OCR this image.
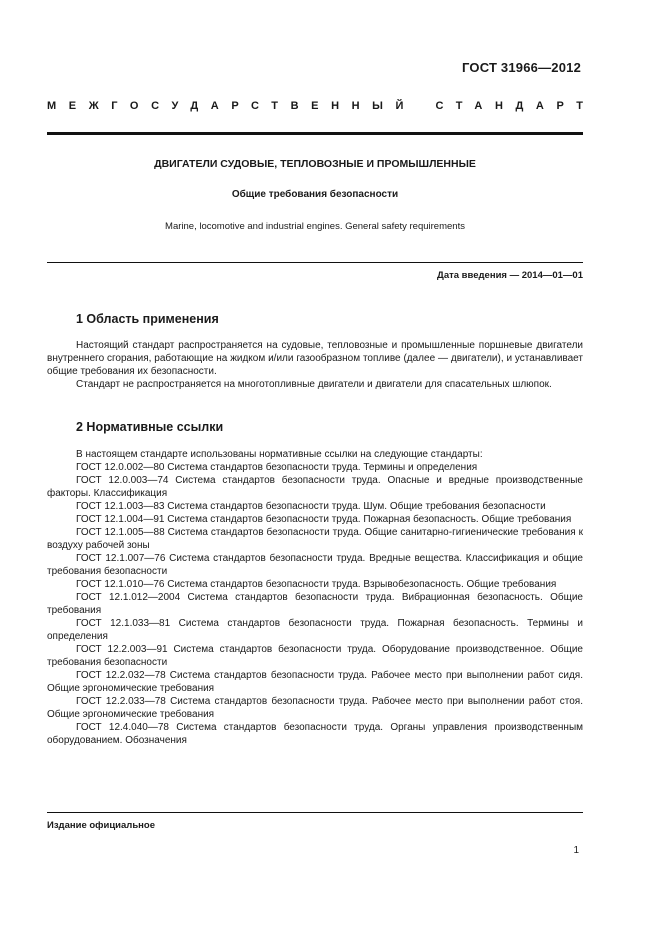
ГОСТ 31966—2012
МЕЖГОСУДАРСТВЕННЫЙ СТАНДАРТ
ДВИГАТЕЛИ СУДОВЫЕ, ТЕПЛОВОЗНЫЕ И ПРОМЫШЛЕННЫЕ
Общие требования безопасности
Marine, locomotive and industrial engines. General safety requirements
Дата введения — 2014—01—01
1 Область применения

Настоящий стандарт распространяется на судовые, тепловозные и промышленные поршневые двигатели внутреннего сгорания, работающие на жидком и/или газообразном топливе (далее — двигатели), и устанавливает общие требования их безопасности.

Стандарт не распространяется на многотопливные двигатели и двигатели для спасательных шлюпок.

2 Нормативные ссылки

В настоящем стандарте использованы нормативные ссылки на следующие стандарты:

ГОСТ 12.0.002—80 Система стандартов безопасности труда. Термины и определения

ГОСТ 12.0.003—74 Система стандартов безопасности труда. Опасные и вредные производственные факторы. Классификация

ГОСТ 12.1.003—83 Система стандартов безопасности труда. Шум. Общие требования безопасности

ГОСТ 12.1.004—91 Система стандартов безопасности труда. Пожарная безопасность. Общие требования

ГОСТ 12.1.005—88 Система стандартов безопасности труда. Общие санитарно-гигиенические требования к воздуху рабочей зоны

ГОСТ 12.1.007—76 Система стандартов безопасности труда. Вредные вещества. Классификация и общие требования безопасности

ГОСТ 12.1.010—76 Система стандартов безопасности труда. Взрывобезопасность. Общие требования

ГОСТ 12.1.012—2004 Система стандартов безопасности труда. Вибрационная безопасность. Общие требования

ГОСТ 12.1.033—81 Система стандартов безопасности труда. Пожарная безопасность. Термины и определения

ГОСТ 12.2.003—91 Система стандартов безопасности труда. Оборудование производственное. Общие требования безопасности

ГОСТ 12.2.032—78 Система стандартов безопасности труда. Рабочее место при выполнении работ сидя. Общие эргономические требования

ГОСТ 12.2.033—78 Система стандартов безопасности труда. Рабочее место при выполнении работ стоя. Общие эргономические требования

ГОСТ 12.4.040—78 Система стандартов безопасности труда. Органы управления производственным оборудованием. Обозначения

Издание официальное
1
